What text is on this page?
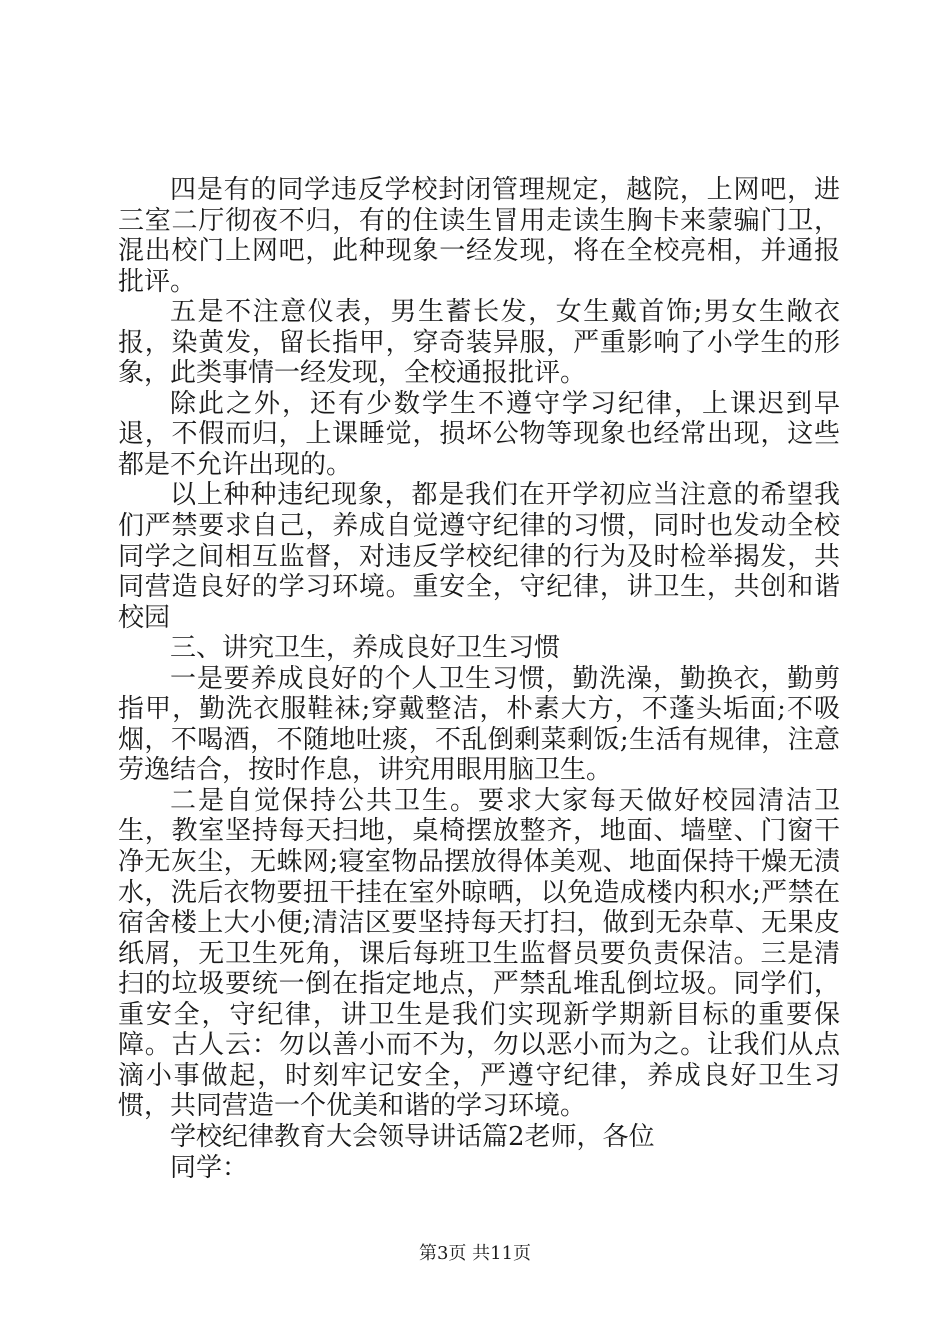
四是有的同学违反学校封闭管理规定，越院，上网吧，进三室二厅彻夜不归，有的住读生冒用走读生胸卡来蒙骗门卫，混出校门上网吧，此种现象一经发现，将在全校亮相，并通报批评。

五是不注意仪表，男生蓄长发，女生戴首饰;男女生敞衣报，染黄发，留长指甲，穿奇装异服，严重影响了小学生的形象，此类事情一经发现，全校通报批评。

除此之外，还有少数学生不遵守学习纪律，上课迟到早退，不假而归，上课睡觉，损坏公物等现象也经常出现，这些都是不允许出现的。

以上种种违纪现象，都是我们在开学初应当注意的希望我们严禁要求自己，养成自觉遵守纪律的习惯，同时也发动全校同学之间相互监督，对违反学校纪律的行为及时检举揭发，共同营造良好的学习环境。重安全，守纪律，讲卫生，共创和谐校园

三、讲究卫生，养成良好卫生习惯

一是要养成良好的个人卫生习惯，勤洗澡，勤换衣，勤剪指甲，勤洗衣服鞋袜;穿戴整洁，朴素大方，不蓬头垢面;不吸烟，不喝酒，不随地吐痰，不乱倒剩菜剩饭;生活有规律，注意劳逸结合，按时作息，讲究用眼用脑卫生。

二是自觉保持公共卫生。要求大家每天做好校园清洁卫生，教室坚持每天扫地，桌椅摆放整齐，地面、墙壁、门窗干净无灰尘，无蛛网;寝室物品摆放得体美观、地面保持干燥无渍水，洗后衣物要扭干挂在室外晾晒，以免造成楼内积水;严禁在宿舍楼上大小便;清洁区要坚持每天打扫，做到无杂草、无果皮纸屑，无卫生死角，课后每班卫生监督员要负责保洁。三是清扫的垃圾要统一倒在指定地点，严禁乱堆乱倒垃圾。同学们，重安全，守纪律，讲卫生是我们实现新学期新目标的重要保障。古人云：勿以善小而不为，勿以恶小而为之。让我们从点滴小事做起，时刻牢记安全，严遵守纪律，养成良好卫生习惯，共同营造一个优美和谐的学习环境。

学校纪律教育大会领导讲话篇2老师，各位

同学：

第3页 共11页
